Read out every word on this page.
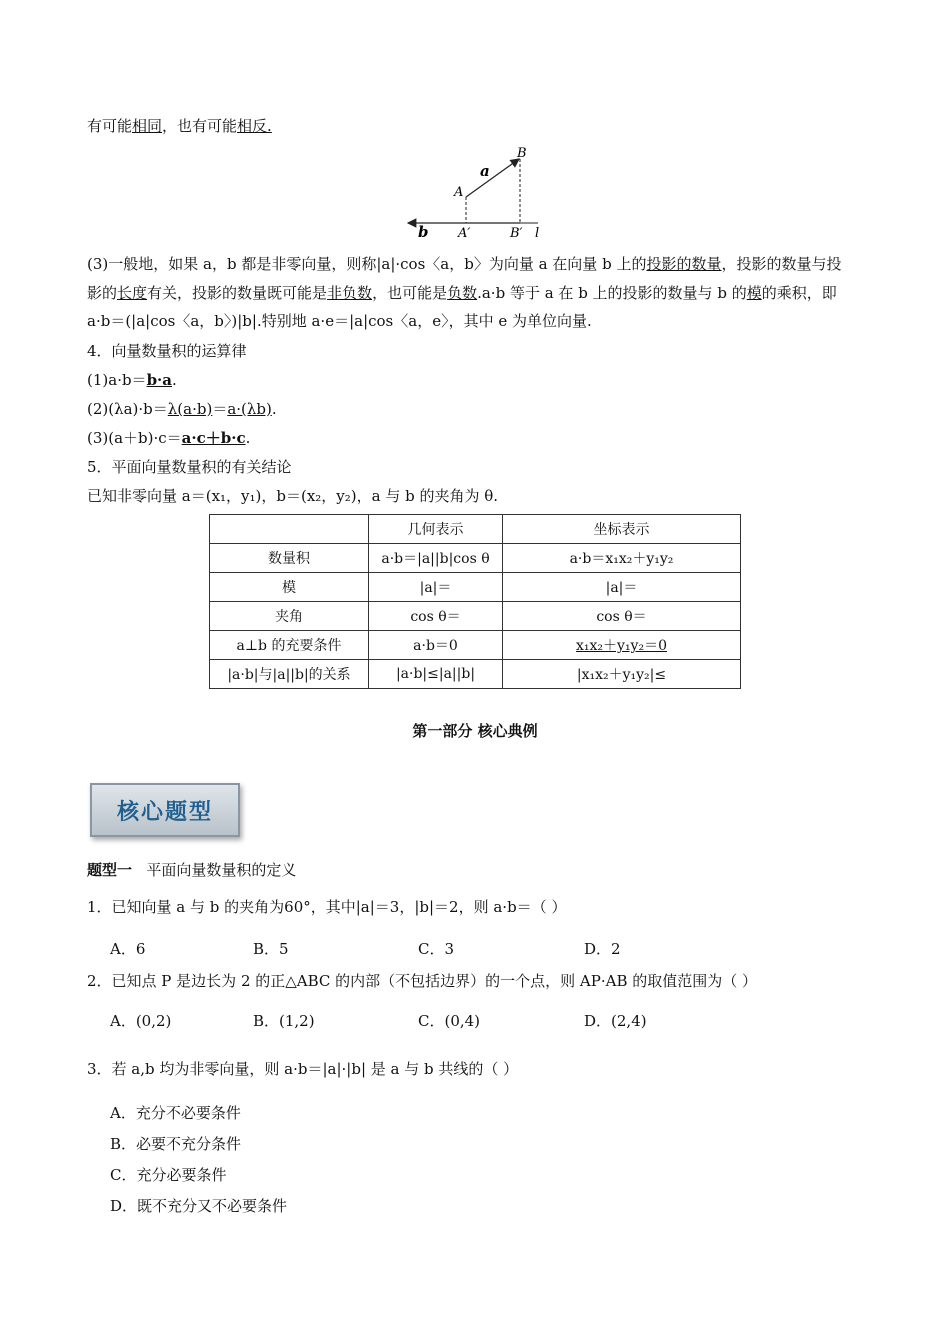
有可能相同，也有可能相反.
a
A
B
b A′	B′ l
(3)一般地，如果 a，b 都是非零向量，则称|a|·cos〈a，b〉为向量 a 在向量 b 上的投影的数量，投影的数量与投
影的长度有关，投影的数量既可能是非负数，也可能是负数.a·b 等于 a 在 b 上的投影的数量与 b 的模的乘积，即
a·b＝(|a|cos〈a，b〉)|b|.特别地 a·e＝|a|cos〈a，e〉，其中 e 为单位向量.
4．向量数量积的运算律
(1)a·b＝b·a.
(2)(λa)·b＝λ(a·b)＝a·(λb).
(3)(a＋b)·c＝a·c＋b·c.
5．平面向量数量积的有关结论
已知非零向量 a＝(x₁，y₁)，b＝(x₂，y₂)，a 与 b 的夹角为 θ.
	几何表示	坐标表示
数量积	a·b＝|a||b|cos θ	a·b＝x₁x₂＋y₁y₂
模	|a|＝	|a|＝
夹角	cos θ＝	cos θ＝
a⊥b 的充要条件	a·b＝0	x₁x₂＋y₁y₂＝0
|a·b|与|a||b|的关系	|a·b|≤|a||b|	|x₁x₂＋y₁y₂|≤
第一部分 核心典例
核心题型
题型一 平面向量数量积的定义
1．已知向量 a 与 b 的夹角为60°，其中|a|＝3，|b|＝2，则 a·b＝（ ）
A．6	B．5	C．3	D．2
2．已知点 P 是边长为 2 的正△ABC 的内部（不包括边界）的一个点，则 AP·AB 的取值范围为（ ）
A．(0,2)	B．(1,2)	C．(0,4)	D．(2,4)
3．若 a,b 均为非零向量，则 a·b＝|a|·|b| 是 a 与 b 共线的（ ）
A．充分不必要条件
B．必要不充分条件
C．充分必要条件
D．既不充分又不必要条件
